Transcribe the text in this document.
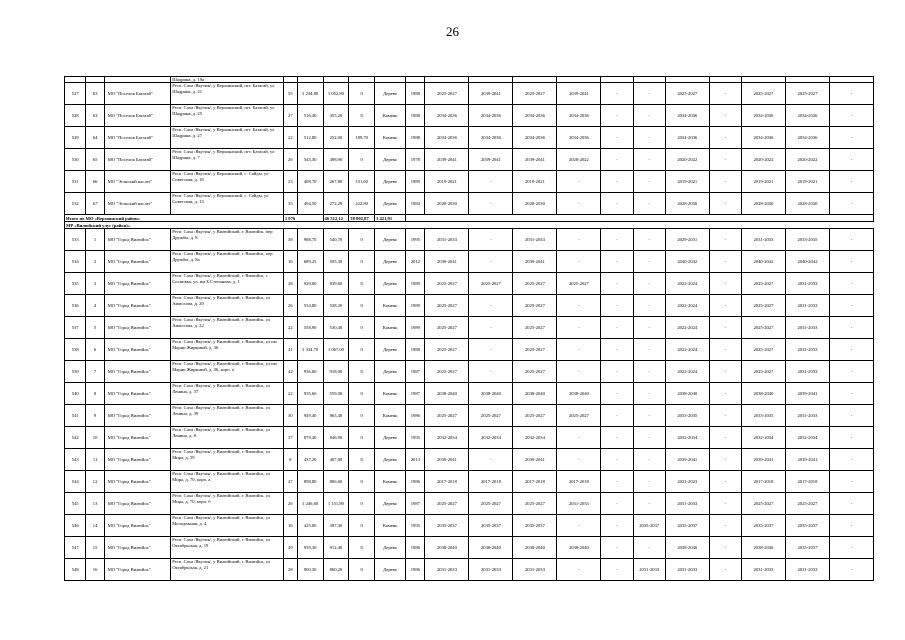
26
			Шадрина, д. 19а																	
527	63	МО "Поселок Батагай"	Респ. Саха /Якутия/, у Верхоянский, пгт. Батагай, ул Шадрина, д. 21	55	1 234,80	1 052,80	0	Дерево	1988	2025-2027	2039-2041	2025-2027	2039-2041	-	-	2025-2027	-	2025-2027	2025-2027	-
528	63	МО "Поселок Батагай"	Респ. Саха /Якутия/, у Верхоянский, пгт. Батагай, ул Шадрина, д. 25	27	516,40	455,20	0	Камень	1988	2034-2036	2034-2036	2034-2036	2034-2036	-	-	2034-2036	-	2034-2036	2034-2036	-
529	64	МО "Поселок Батагай"	Респ. Саха /Якутия/, у Верхоянский, пгт. Батагай, ул Шадрина, д. 27	22	512,80	252,00	189,70	Камень	1988	2034-2036	2034-2036	2034-2036	2034-2036	-	-	2034-2036	-	2034-2036	2034-2036	-
530	65	МО "Поселок Батагай"	Респ. Саха /Якутия/, у Верхоянский, пгт. Батагай, ул Шадрина, д. 7	26	543,30	498,90	0	Дерево	1978	2039-2041	2039-2041	2039-2041	2020-2022	-	-	2020-2022	-	2020-2022	2020-2022	-
531	66	МО "Эгэнский наслег"	Респ. Саха /Якутия/, у Верхоянский, с. Сайды, ул Советская, д. 18	23	408,70	267,80	131,60	Дерево	1989	2019-2021	-	2019-2021	-	-	-	2019-2021	-	2019-2021	2019-2021	-
532	67	МО "Эгэнский наслег"	Респ. Саха /Якутия/, у Верхоянский, с. Сайды, ул Советская, д. 13	35	494,50	272,29	222,80	Дерево	1984	2028-2030	-	2028-2030	-	-	-	2028-2030	-	2028-2030	2028-2030	-
Итого по МО «Верхоянский район»				1 976		46 512,12	38 002,87	3 421,91												
МР «Вилюйский улус (район)»																				
533	1	МО "Город Вилюйск"	Респ. Саха /Якутия/, у Вилюйский, г. Вилюйск, пер Дружбы, д. 8	38	988,70	540,70	0	Дерево	1995	2031-2033	-	2031-2033	-	-	-	2029-2031	-	2031-2033	2033-2035	-
534	2	МО "Город Вилюйск"	Респ. Саха /Якутия/, у Вилюйский, г. Вилюйск, пер Дружбы, д. 8а	16	689,25	505,30	0	Дерево	2012	2039-2041	-	2039-2041	-	-	-	2040-2042	-	2040-2042	2040-2042	-
535	3	МО "Город Вилюйск"	Респ. Саха /Якутия/, у Вилюйский, г. Вилюйск, с Сосновка, ул. им Б.Степанова, д. 1	28	929,00	839,60	0	Дерево	1989	2025-2027	2025-2027	2025-2027	2025-2027	-	-	2022-2024	-	2025-2027	2031-2033	-
536	4	МО "Город Вилюйск"	Респ. Саха /Якутия/, у Вилюйский, г. Вилюйск, ул Аммосова, д. 20	26	554,80	528,20	0	Камень	1989	2025-2027	-	2025-2027	-	-	-	2022-2024	-	2025-2027	2031-2033	-
537	5	МО "Город Вилюйск"	Респ. Саха /Якутия/, у Вилюйский, г. Вилюйск, ул Аммосова, д. 22	22	558,90	530,40	0	Камень	1989	2025-2027	-	2025-2027	-	-	-	2022-2024	-	2025-2027	2031-2033	-
538	6	МО "Город Вилюйск"	Респ. Саха /Якутия/, у Вилюйский, г. Вилюйск, ул им Марии Жирковой, д. 36	41	1 334,70	1 067,00	0	Дерево	1988	2025-2027	-	2025-2027	-	-	-	2022-2024	-	2025-2027	2031-2033	-
539	7	МО "Город Вилюйск"	Респ. Саха /Якутия/, у Вилюйский, г. Вилюйск, ул им Марии Жирковой, д. 36, корп. а	42	936,60	918,00	0	Дерево	1987	2025-2027	-	2025-2027	-	-	-	2022-2024	-	2025-2027	2031-2033	-
540	8	МО "Город Вилюйск"	Респ. Саха /Якутия/, у Вилюйский, г. Вилюйск, ул Ленина, д. 37	22	935,60	559,00	0	Камень	1987	2038-2040	2038-2040	2038-2040	2038-2040	-	-	2038-2040	-	2038-2040	2039-2041	-
541	9	МО "Город Вилюйск"	Респ. Саха /Якутия/, у Вилюйский, г. Вилюйск, ул Ленина, д. 39	30	949,40	863,40	0	Камень	1986	2025-2027	2025-2027	2025-2027	2025-2027	-	-	2033-2035	-	2033-2035	2031-2033	-
542	10	МО "Город Вилюйск"	Респ. Саха /Якутия/, у Вилюйский, г. Вилюйск, ул Ленина, д. 8	37	879,40	846,90	0	Дерево	1995	2032-2034	2032-2034	2032-2034	-	-	-	2032-2034	-	2032-2034	2032-2034	-
543	11	МО "Город Вилюйск"	Респ. Саха /Якутия/, у Вилюйский, г. Вилюйск, ул Мира, д. 59	8	437,20	407,00	0	Дерево	2013	2039-2041	-	2039-2041	-	-	-	2039-2041	-	2039-2041	2039-2041	-
544	12	МО "Город Вилюйск"	Респ. Саха /Якутия/, у Вилюйский, г. Вилюйск, ул Мира, д. 70, корп. а	47	898,80	806,60	0	Камень	1986	2017-2018	2017-2018	2017-2018	2017-2018	-	-	2021-2023	-	2017-2018	2017-2018	-
545	13	МО "Город Вилюйск"	Респ. Саха /Якутия/, у Вилюйский, г. Вилюйск, ул Мира, д. 70, корп. б	26	1 246,60	1 151,80	0	Дерево	1987	2025-2027	2025-2027	2025-2027	2031-2033	-	-	2031-2033	-	2025-2027	2025-2027	-
546	14	МО "Город Вилюйск"	Респ. Саха /Якутия/, у Вилюйский, г. Вилюйск, ул Молодежная, д. 4	16	425,00	387,30	0	Камень	1995	2035-2037	2035-2037	2035-2037	-	-	2035-2037	2035-2037	-	2035-2037	2035-2037	-
547	15	МО "Город Вилюйск"	Респ. Саха /Якутия/, у Вилюйский, г. Вилюйск, ул Октябрьская, д. 19	49	959,30	912,40	0	Дерево	1986	2038-2040	2038-2040	2038-2040	2038-2040	-	-	2038-2040	-	2038-2040	2035-2037	-
548	16	МО "Город Вилюйск"	Респ. Саха /Якутия/, у Вилюйский, г. Вилюйск, ул Октябрьская, д. 21	28	900,30	860,20	0	Дерево	1986	2031-2033	2031-2033	2031-2033	-	-	2031-2033	2031-2033	-	2031-2033	2031-2033	-
